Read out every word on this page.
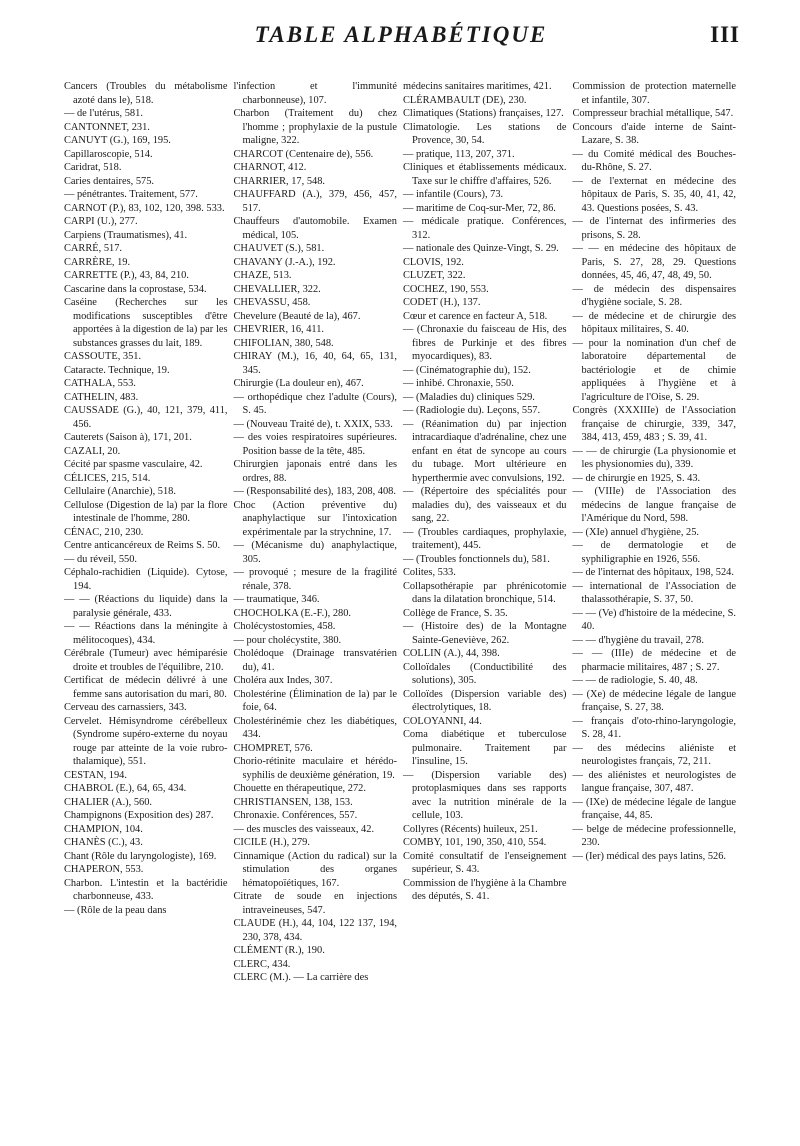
TABLE ALPHABÉTIQUE	III

Cancers (Troubles du métabolisme azoté dans le), 518.

— de l'utérus, 581.

CANTONNET, 231.

CANUYT (G.), 169, 195.

Capillaroscopie, 514.

Caridrat, 518.

Caries dentaires, 575.

— pénétrantes. Traitement, 577.

CARNOT (P.), 83, 102, 120, 398. 533.

CARPI (U.), 277.

Carpiens (Traumatismes), 41.

CARRÉ, 517.

CARRÈRE, 19.

CARRETTE (P.), 43, 84, 210.

Cascarine dans la coprostase, 534.

Caséine (Recherches sur les modifications susceptibles d'être apportées à la digestion de la) par les substances grasses du lait, 189.

CASSOUTE, 351.

Cataracte. Technique, 19.

CATHALA, 553.

CATHELIN, 483.

CAUSSADE (G.), 40, 121, 379, 411, 456.

Cauterets (Saison à), 171, 201.

CAZALI, 20.

Cécité par spasme vasculaire, 42.

CÉLICES, 215, 514.

Cellulaire (Anarchie), 518.

Cellulose (Digestion de la) par la flore intestinale de l'homme, 280.

CÉNAC, 210, 230.

Centre anticancéreux de Reims S. 50.

— du réveil, 550.

Céphalo-rachidien (Liquide). Cytose, 194.

— — (Réactions du liquide) dans la paralysie générale, 433.

— — Réactions dans la méningite à mélitocoques), 434.

Cérébrale (Tumeur) avec hémiparésie droite et troubles de l'équilibre, 210.

Certificat de médecin délivré à une femme sans autorisation du mari, 80.

Cerveau des carnassiers, 343.

Cervelet. Hémisyndrome cérébelleux (Syndrome supéro-externe du noyau rouge par atteinte de la voie rubro-thalamique), 551.

CESTAN, 194.

CHABROL (E.), 64, 65, 434.

CHALIER (A.), 560.

Champignons (Exposition des) 287.

CHAMPION, 104.

CHANÈS (C.), 43.

Chant (Rôle du laryngologiste), 169.

CHAPERON, 553.

Charbon. L'intestin et la bactéridie charbonneuse, 433.

— (Rôle de la peau dans

l'infection et l'immunité charbonneuse), 107.

Charbon (Traitement du) chez l'homme ; prophylaxie de la pustule maligne, 322.

CHARCOT (Centenaire de), 556.

CHARNOT, 412.

CHARRIER, 17, 548.

CHAUFFARD (A.), 379, 456, 457, 517.

Chauffeurs d'automobile. Examen médical, 105.

CHAUVET (S.), 581.

CHAVANY (J.-A.), 192.

CHAZE, 513.

CHEVALLIER, 322.

CHEVASSU, 458.

Chevelure (Beauté de la), 467.

CHEVRIER, 16, 411.

CHIFOLIAN, 380, 548.

CHIRAY (M.), 16, 40, 64, 65, 131, 345.

Chirurgie (La douleur en), 467.

— orthopédique chez l'adulte (Cours), S. 45.

— (Nouveau Traité de), t. XXIX, 533.

— des voies respiratoires supérieures. Position basse de la tête, 485.

Chirurgien japonais entré dans les ordres, 88.

— (Responsabilité des), 183, 208, 408.

Choc (Action préventive du) anaphylactique sur l'intoxication expérimentale par la strychnine, 17.

— (Mécanisme du) anaphylactique, 305.

— provoqué ; mesure de la fragilité rénale, 378.

— traumatique, 346.

CHOCHOLKA (E.-F.), 280.

Cholécystostomies, 458.

— pour cholécystite, 380.

Cholédoque (Drainage transvatérien du), 41.

Choléra aux Indes, 307.

Cholestérine (Élimination de la) par le foie, 64.

Cholestérinémie chez les diabétiques, 434.

CHOMPRET, 576.

Chorio-rétinite maculaire et hérédo-syphilis de deuxième génération, 19.

Chouette en thérapeutique, 272.

CHRISTIANSEN, 138, 153.

Chronaxie. Conférences, 557.

— des muscles des vaisseaux, 42.

CICILE (H.), 279.

Cinnamique (Action du radical) sur la stimulation des organes hématopoïétiques, 167.

Citrate de soude en injections intraveineuses, 547.

CLAUDE (H.), 44, 104, 122 137, 194, 230, 378, 434.

CLÉMENT (R.), 190.

CLERC, 434.

CLERC (M.). — La carrière des

médecins sanitaires maritimes, 421.

CLÉRAMBAULT (DE), 230.

Climatiques (Stations) françaises, 127.

Climatologie. Les stations de Provence, 30, 54.

— pratique, 113, 207, 371.

Cliniques et établissements médicaux. Taxe sur le chiffre d'affaires, 526.

— infantile (Cours), 73.

— maritime de Coq-sur-Mer, 72, 86.

— médicale pratique. Conférences, 312.

— nationale des Quinze-Vingt, S. 29.

CLOVIS, 192.

CLUZET, 322.

COCHEZ, 190, 553.

CODET (H.), 137.

Cœur et carence en facteur A, 518.

— (Chronaxie du faisceau de His, des fibres de Purkinje et des fibres myocardiques), 83.

— (Cinématographie du), 152.

— inhibé. Chronaxie, 550.

— (Maladies du) cliniques 529.

— (Radiologie du). Leçons, 557.

— (Réanimation du) par injection intracardiaque d'adrénaline, chez une enfant en état de syncope au cours du tubage. Mort ultérieure en hyperthermie avec convulsions, 192.

— (Répertoire des spécialités pour maladies du), des vaisseaux et du sang, 22.

— (Troubles cardiaques, prophylaxie, traitement), 445.

— (Troubles fonctionnels du), 581.

Colites, 533.

Collapsothérapie par phrénicotomie dans la dilatation bronchique, 514.

Collège de France, S. 35.

— (Histoire des) de la Montagne Sainte-Geneviève, 262.

COLLIN (A.), 44, 398.

Colloïdales (Conductibilité des solutions), 305.

Colloïdes (Dispersion variable des) électrolytiques, 18.

COLOYANNI, 44.

Coma diabétique et tuberculose pulmonaire. Traitement par l'insuline, 15.

— (Dispersion variable des) protoplasmiques dans ses rapports avec la nutrition minérale de la cellule, 103.

Collyres (Récents) huileux, 251.

COMBY, 101, 190, 350, 410, 554.

Comité consultatif de l'enseignement supérieur, S. 43.

Commission de l'hygiène à la Chambre des députés, S. 41.

Commission de protection maternelle et infantile, 307.

Compresseur brachial métallique, 547.

Concours d'aide interne de Saint-Lazare, S. 38.

— du Comité médical des Bouches-du-Rhône, S. 27.

— de l'externat en médecine des hôpitaux de Paris, S. 35, 40, 41, 42, 43. Questions posées, S. 43.

— de l'internat des infirmeries des prisons, S. 28.

— — en médecine des hôpitaux de Paris, S. 27, 28, 29. Questions données, 45, 46, 47, 48, 49, 50.

— de médecin des dispensaires d'hygiène sociale, S. 28.

— de médecine et de chirurgie des hôpitaux militaires, S. 40.

— pour la nomination d'un chef de laboratoire départemental de bactériologie et de chimie appliquées à l'hygiène et à l'agriculture de l'Oise, S. 29.

Congrès (XXXIIIe) de l'Association française de chirurgie, 339, 347, 384, 413, 459, 483 ; S. 39, 41.

— — de chirurgie (La physionomie et les physionomies du), 339.

— de chirurgie en 1925, S. 43.

— (VIIIe) de l'Association des médecins de langue française de l'Amérique du Nord, 598.

— (XIe) annuel d'hygiène, 25.

— de dermatologie et de syphiligraphie en 1926, 556.

— de l'internat des hôpitaux, 198, 524.

— international de l'Association de thalassothérapie, S. 37, 50.

— — (Ve) d'histoire de la médecine, S. 40.

— — d'hygiène du travail, 278.

— — (IIIe) de médecine et de pharmacie militaires, 487 ; S. 27.

— — de radiologie, S. 40, 48.

— (Xe) de médecine légale de langue française, S. 27, 38.

— français d'oto-rhino-laryngologie, S. 28, 41.

— des médecins aliéniste et neurologistes français, 72, 211.

— des aliénistes et neurologistes de langue française, 307, 487.

— (IXe) de médecine légale de langue française, 44, 85.

— belge de médecine professionnelle, 230.

— (Ier) médical des pays latins, 526.
